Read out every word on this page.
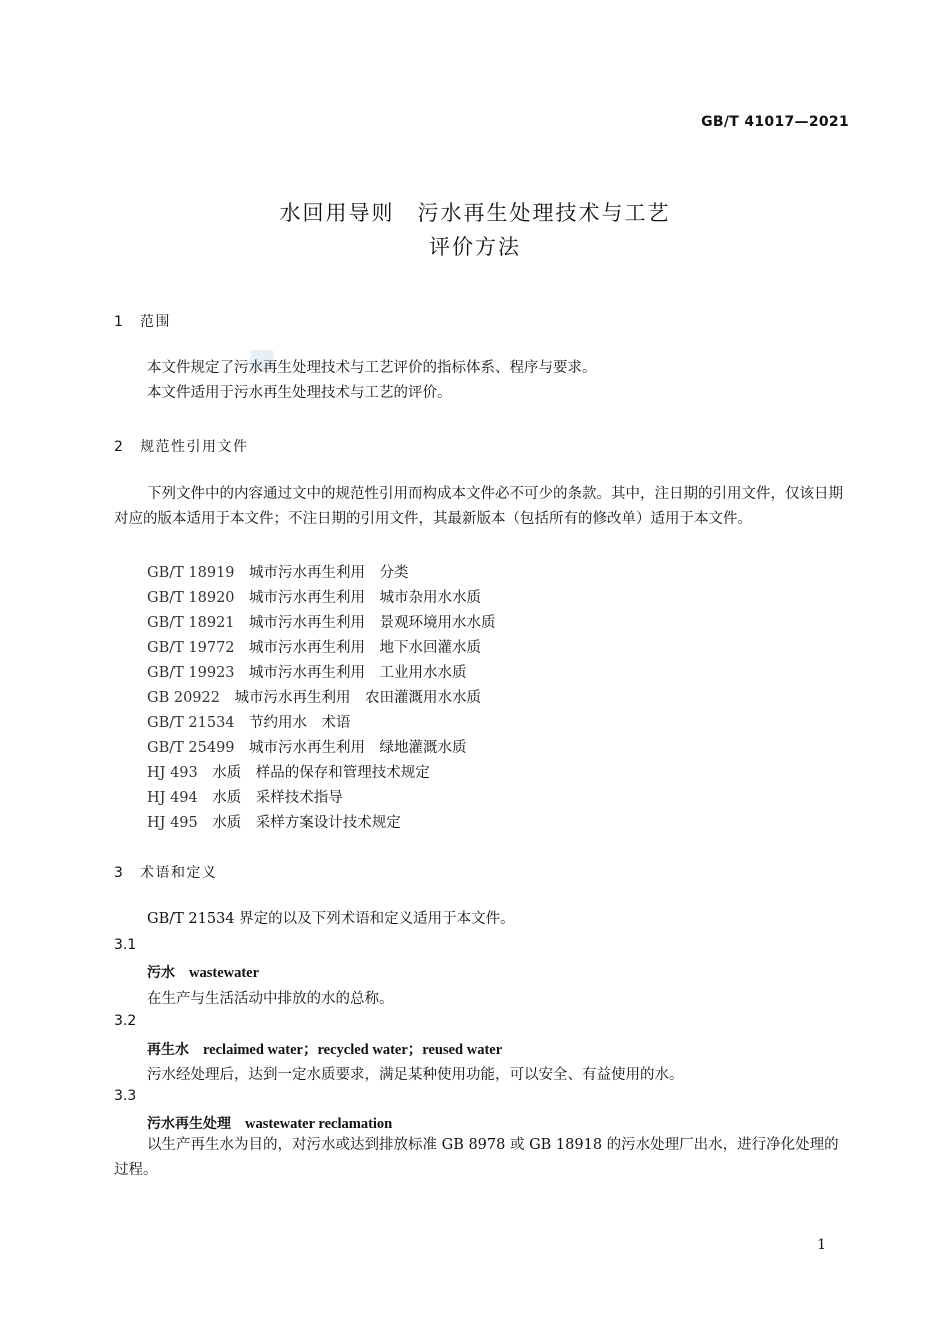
GB/T 41017—2021
水回用导则　污水再生处理技术与工艺
评价方法
1 范围
本文件规定了污水再生处理技术与工艺评价的指标体系、程序与要求。
本文件适用于污水再生处理技术与工艺的评价。
2 规范性引用文件
下列文件中的内容通过文中的规范性引用而构成本文件必不可少的条款。其中，注日期的引用文件，仅该日期对应的版本适用于本文件；不注日期的引用文件，其最新版本（包括所有的修改单）适用于本文件。
GB/T 18919　 城市污水再生利用　分类
GB/T 18920　 城市污水再生利用　城市杂用水水质
GB/T 18921　 城市污水再生利用　景观环境用水水质
GB/T 19772　 城市污水再生利用　地下水回灌水质
GB/T 19923　 城市污水再生利用　工业用水水质
GB 20922　 城市污水再生利用　农田灌溉用水水质
GB/T 21534　 节约用水　术语
GB/T 25499　 城市污水再生利用　绿地灌溉水质
HJ 493　 水质　样品的保存和管理技术规定
HJ 494　 水质　采样技术指导
HJ 495　 水质　采样方案设计技术规定
3 术语和定义
GB/T 21534 界定的以及下列术语和定义适用于本文件。
3.1
污水　 wastewater
在生产与生活活动中排放的水的总称。
3.2
再生水　 reclaimed water；recycled water；reused water
污水经处理后，达到一定水质要求，满足某种使用功能，可以安全、有益使用的水。
3.3
污水再生处理　 wastewater reclamation
以生产再生水为目的，对污水或达到排放标准 GB 8978 或 GB 18918 的污水处理厂出水，进行净化处理的过程。
1
